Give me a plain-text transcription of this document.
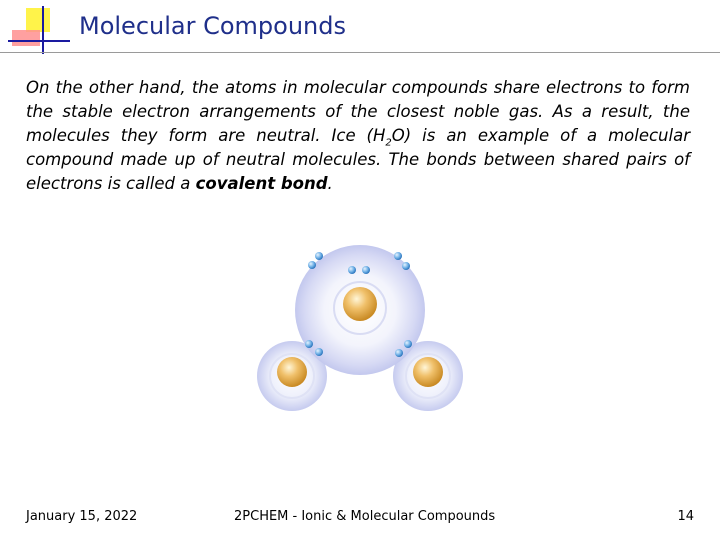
Molecular Compounds

On the other hand, the atoms in molecular compounds share electrons to form the stable electron arrangements of the closest noble gas. As a result, the molecules they form are neutral. Ice $(H_2O)$ is an example of a molecular compound made up of neutral molecules. The bonds between shared pairs of electrons is called a covalent bond.

January 15, 2022	2PCHEM - Ionic & Molecular Compounds	14
